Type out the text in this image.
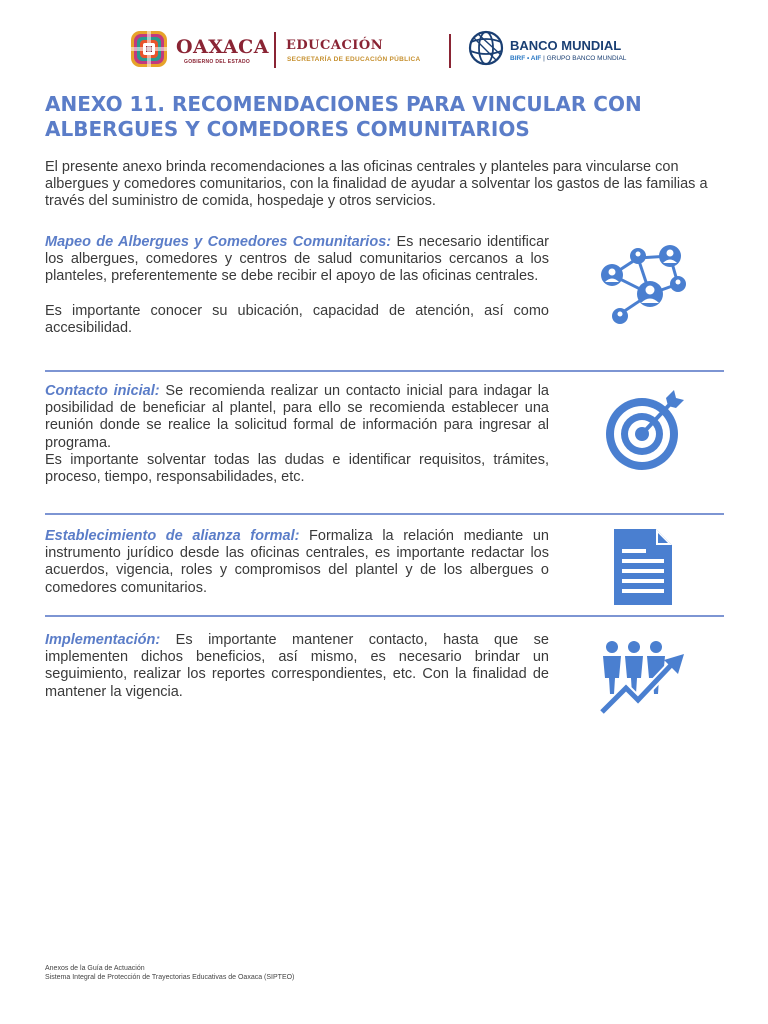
OAXACA
GOBIERNO DEL ESTADO
EDUCACIÓN
SECRETARÍA DE EDUCACIÓN PÚBLICA
BANCO MUNDIAL
BIRF • AIF | GRUPO BANCO MUNDIAL
ANEXO 11. RECOMENDACIONES PARA VINCULAR CON ALBERGUES Y COMEDORES COMUNITARIOS

El presente anexo brinda recomendaciones a las oficinas centrales y planteles para vincularse con albergues y comedores comunitarios, con la finalidad de ayudar a solventar los gastos de las familias a través del suministro de comida, hospedaje y otros servicios.

Mapeo de Albergues y Comedores Comunitarios: Es necesario identificar los albergues, comedores y centros de salud comunitarios cercanos a los planteles, preferentemente se debe recibir el apoyo de las oficinas centrales.

Es importante conocer su ubicación, capacidad de atención, así como accesibilidad.

Contacto inicial: Se recomienda realizar un contacto inicial para indagar la posibilidad de beneficiar al plantel, para ello se recomienda establecer una reunión donde se realice la solicitud formal de información para ingresar al programa.

Es importante solventar todas las dudas e identificar requisitos, trámites, proceso, tiempo, responsabilidades, etc.

Establecimiento de alianza formal: Formaliza la relación mediante un instrumento jurídico desde las oficinas centrales, es importante redactar los acuerdos, vigencia, roles y compromisos del plantel y de los albergues o comedores comunitarios.

Implementación: Es importante mantener contacto, hasta que se implementen dichos beneficios, así mismo, es necesario brindar un seguimiento, realizar los reportes correspondientes, etc. Con la finalidad de mantener la vigencia.

Anexos de la Guía de Actuación
Sistema Integral de Protección de Trayectorias Educativas de Oaxaca (SIPTEO)
